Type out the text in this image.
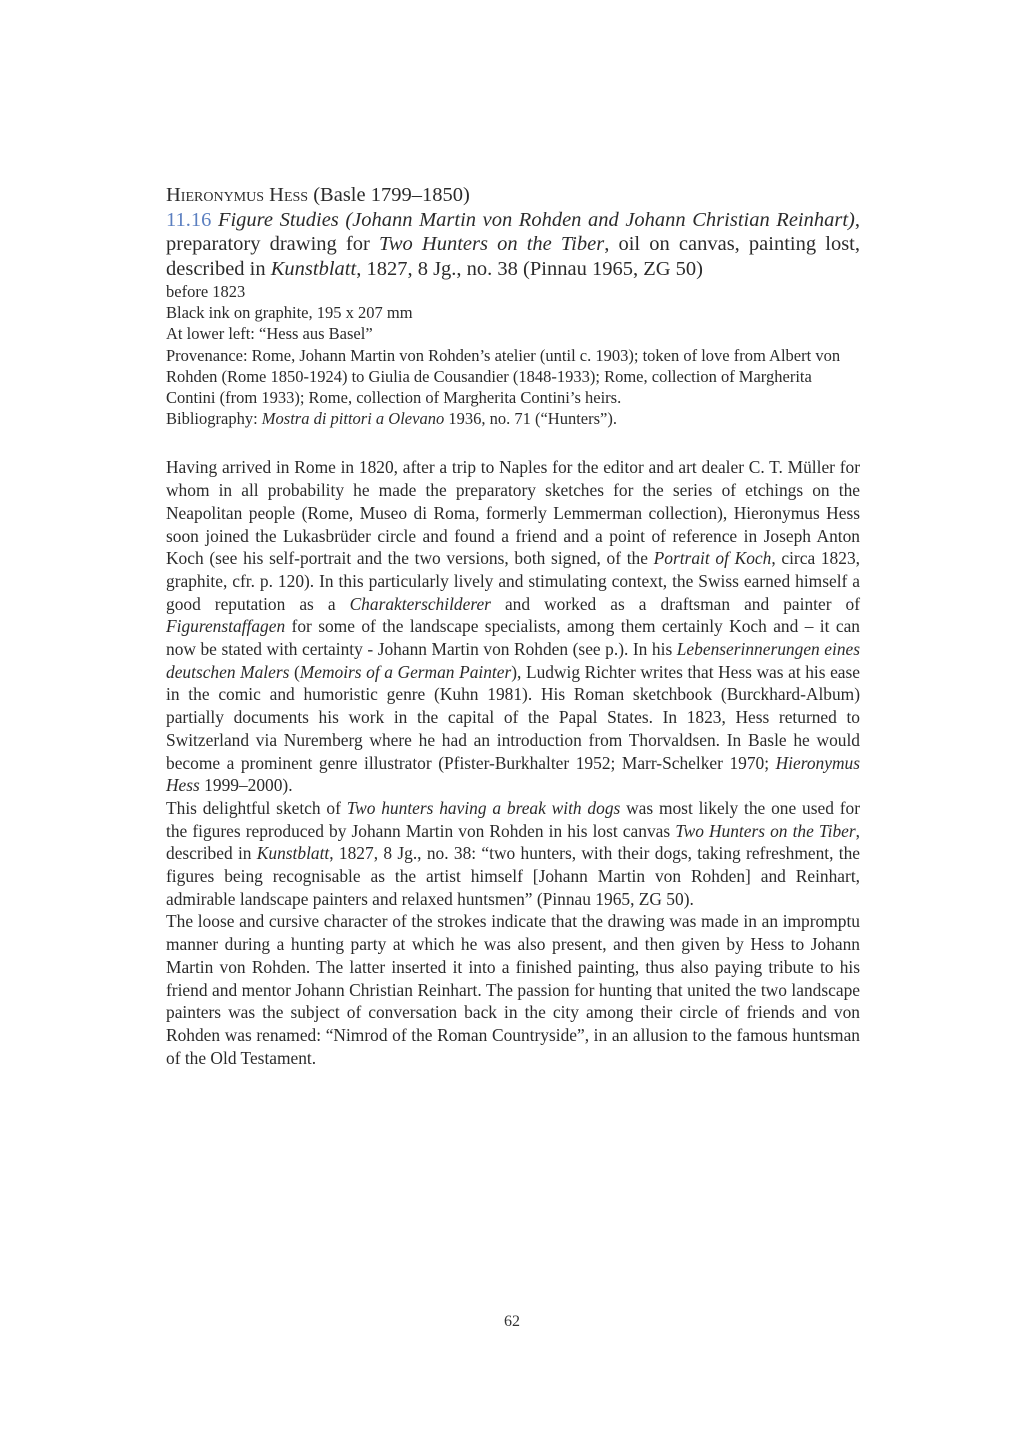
Hieronymus Hess (Basle 1799–1850)
11.16 Figure Studies (Johann Martin von Rohden and Johann Christian Reinhart), preparatory drawing for Two Hunters on the Tiber, oil on canvas, painting lost, described in Kunstblatt, 1827, 8 Jg., no. 38 (Pinnau 1965, ZG 50)
before 1823
Black ink on graphite, 195 x 207 mm
At lower left: “Hess aus Basel”
Provenance: Rome, Johann Martin von Rohden’s atelier (until c. 1903); token of love from Albert von Rohden (Rome 1850-1924) to Giulia de Cousandier (1848-1933); Rome, collection of Margherita Contini (from 1933); Rome, collection of Margherita Contini’s heirs.
Bibliography: Mostra di pittori a Olevano 1936, no. 71 (“Hunters”).

Having arrived in Rome in 1820, after a trip to Naples for the editor and art dealer C. T. Müller for whom in all probability he made the preparatory sketches for the series of etchings on the Neapolitan people (Rome, Museo di Roma, formerly Lemmerman collection), Hieronymus Hess soon joined the Lukasbrüder circle and found a friend and a point of reference in Joseph Anton Koch (see his self-portrait and the two versions, both signed, of the Portrait of Koch, circa 1823, graphite, cfr. p. 120). In this particularly lively and stimulating context, the Swiss earned himself a good reputation as a Charakterschilderer and worked as a draftsman and painter of Figurenstaffagen for some of the landscape specialists, among them certainly Koch and – it can now be stated with certainty - Johann Martin von Rohden (see p.). In his Lebenserinnerungen eines deutschen Malers (Memoirs of a German Painter), Ludwig Richter writes that Hess was at his ease in the comic and humoristic genre (Kuhn 1981). His Roman sketchbook (Burckhard-Album) partially documents his work in the capital of the Papal States. In 1823, Hess returned to Switzerland via Nuremberg where he had an introduction from Thorvaldsen. In Basle he would become a prominent genre illustrator (Pfister-Burkhalter 1952; Marr-Schelker 1970; Hieronymus Hess 1999–2000).

This delightful sketch of Two hunters having a break with dogs was most likely the one used for the figures reproduced by Johann Martin von Rohden in his lost canvas Two Hunters on the Tiber, described in Kunstblatt, 1827, 8 Jg., no. 38: “two hunters, with their dogs, taking refreshment, the figures being recognisable as the artist himself [Johann Martin von Rohden] and Reinhart, admirable landscape painters and relaxed huntsmen” (Pinnau 1965, ZG 50).

The loose and cursive character of the strokes indicate that the drawing was made in an impromptu manner during a hunting party at which he was also present, and then given by Hess to Johann Martin von Rohden. The latter inserted it into a finished painting, thus also paying tribute to his friend and mentor Johann Christian Reinhart. The passion for hunting that united the two landscape painters was the subject of conversation back in the city among their circle of friends and von Rohden was renamed: “Nimrod of the Roman Countryside”, in an allusion to the famous huntsman of the Old Testament.

62
